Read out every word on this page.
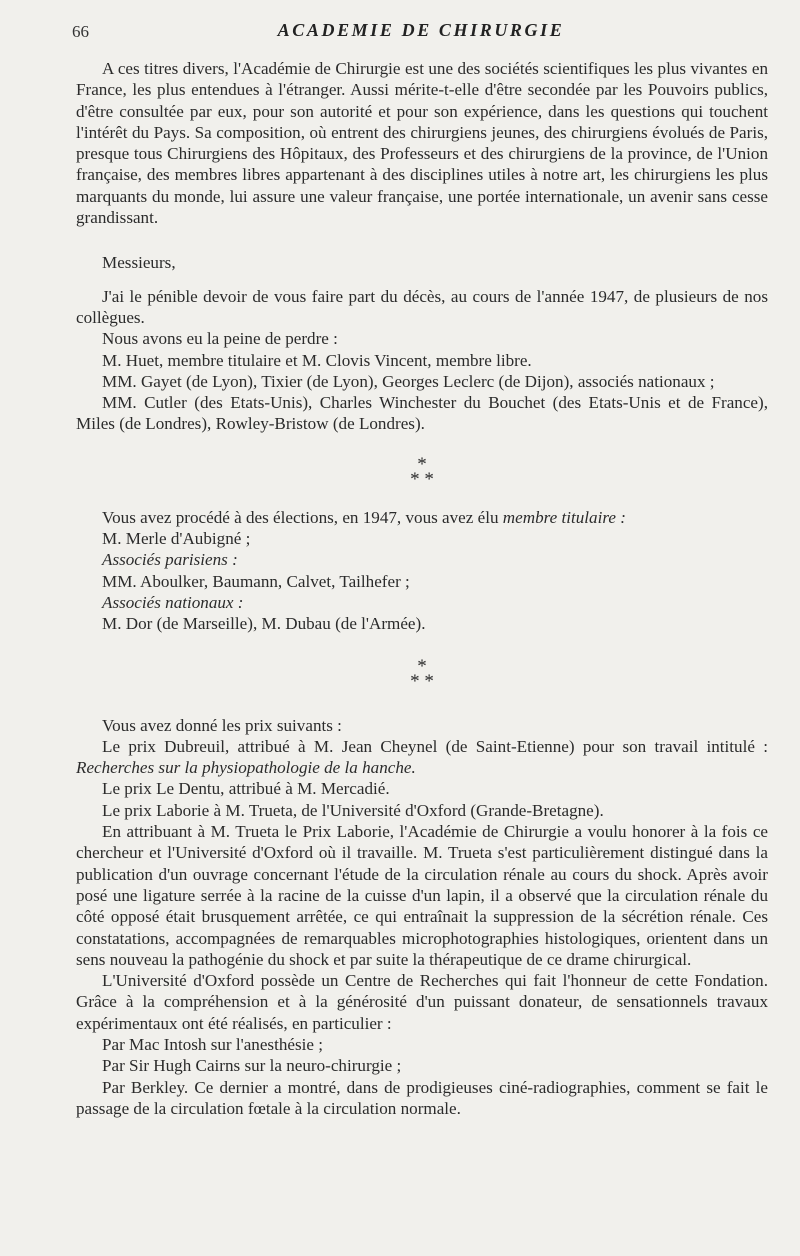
66	ACADEMIE DE CHIRURGIE

A ces titres divers, l'Académie de Chirurgie est une des sociétés scientifiques les plus vivantes en France, les plus entendues à l'étranger. Aussi mérite-t-elle d'être secondée par les Pouvoirs publics, d'être consultée par eux, pour son autorité et pour son expérience, dans les questions qui touchent l'intérêt du Pays. Sa composition, où entrent des chirurgiens jeunes, des chirurgiens évolués de Paris, presque tous Chirurgiens des Hôpitaux, des Professeurs et des chirurgiens de la province, de l'Union française, des membres libres appartenant à des disciplines utiles à notre art, les chirurgiens les plus marquants du monde, lui assure une valeur française, une portée internationale, un avenir sans cesse grandissant.

Messieurs,

J'ai le pénible devoir de vous faire part du décès, au cours de l'année 1947, de plusieurs de nos collègues.

Nous avons eu la peine de perdre :

M. Huet, membre titulaire et M. Clovis Vincent, membre libre.

MM. Gayet (de Lyon), Tixier (de Lyon), Georges Leclerc (de Dijon), associés nationaux ;

MM. Cutler (des Etats-Unis), Charles Winchester du Bouchet (des Etats-Unis et de France), Miles (de Londres), Rowley-Bristow (de Londres).

*
* *

Vous avez procédé à des élections, en 1947, vous avez élu membre titulaire :

M. Merle d'Aubigné ;

Associés parisiens :

MM. Aboulker, Baumann, Calvet, Tailhefer ;

Associés nationaux :

M. Dor (de Marseille), M. Dubau (de l'Armée).

*
* *

Vous avez donné les prix suivants :

Le prix Dubreuil, attribué à M. Jean Cheynel (de Saint-Etienne) pour son travail intitulé : Recherches sur la physiopathologie de la hanche.

Le prix Le Dentu, attribué à M. Mercadié.

Le prix Laborie à M. Trueta, de l'Université d'Oxford (Grande-Bretagne).

En attribuant à M. Trueta le Prix Laborie, l'Académie de Chirurgie a voulu honorer à la fois ce chercheur et l'Université d'Oxford où il travaille. M. Trueta s'est particulièrement distingué dans la publication d'un ouvrage concernant l'étude de la circulation rénale au cours du shock. Après avoir posé une ligature serrée à la racine de la cuisse d'un lapin, il a observé que la circulation rénale du côté opposé était brusquement arrêtée, ce qui entraînait la suppression de la sécrétion rénale. Ces constatations, accompagnées de remarquables microphotographies histologiques, orientent dans un sens nouveau la pathogénie du shock et par suite la thérapeutique de ce drame chirurgical.

L'Université d'Oxford possède un Centre de Recherches qui fait l'honneur de cette Fondation. Grâce à la compréhension et à la générosité d'un puissant donateur, de sensationnels travaux expérimentaux ont été réalisés, en particulier :

Par Mac Intosh sur l'anesthésie ;

Par Sir Hugh Cairns sur la neuro-chirurgie ;

Par Berkley. Ce dernier a montré, dans de prodigieuses ciné-radiographies, comment se fait le passage de la circulation fœtale à la circulation normale.
